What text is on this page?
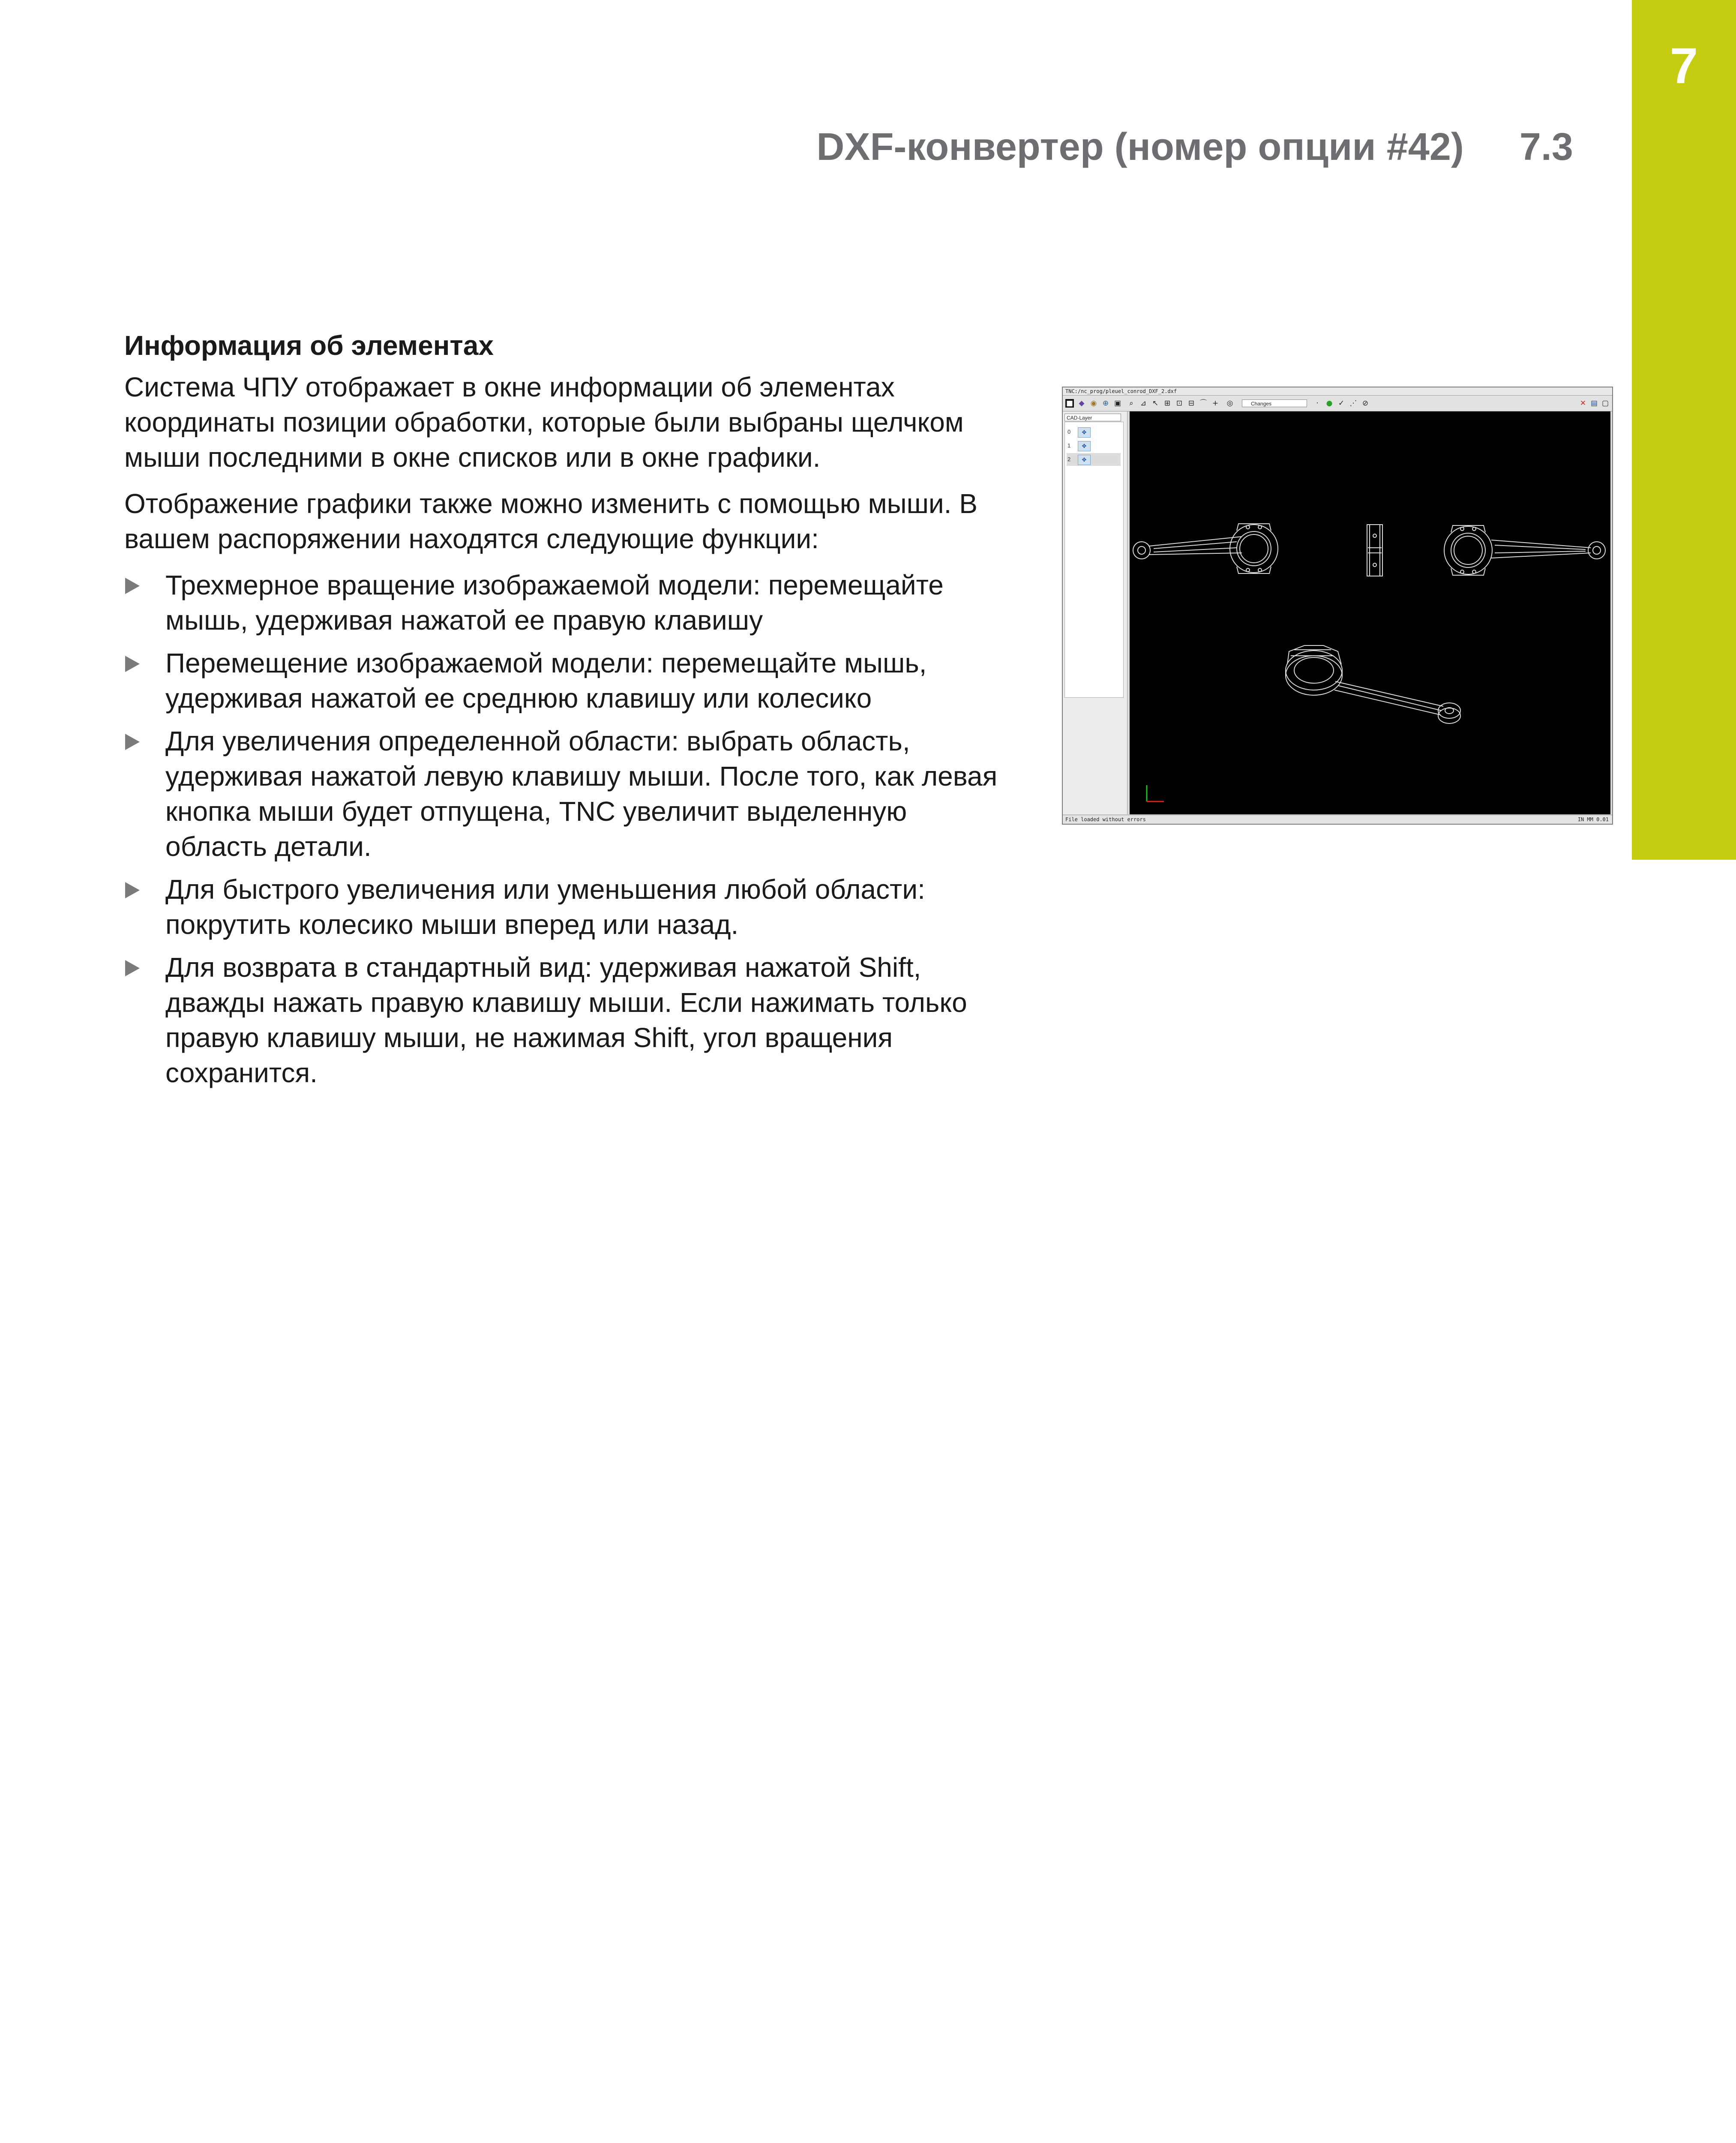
7
DXF-конвертер (номер опции #42) 7.3
Информация об элементах

Система ЧПУ отображает в окне информации об элементах координаты позиции обработки, которые были выбраны щелчком мыши последними в окне списков или в окне графики.

Отображение графики также можно изменить с помощью мыши. В вашем распоряжении находятся следующие функции:

Трехмерное вращение изображаемой модели: перемещайте мышь, удерживая нажатой ее правую клавишу
Перемещение изображаемой модели: перемещайте мышь, удерживая нажатой ее среднюю клавишу или колесико
Для увеличения определенной области: выбрать область, удерживая нажатой левую клавишу мыши. После того, как левая кнопка мыши будет отпущена, TNC увеличит выделенную область детали.
Для быстрого увеличения или уменьшения любой области: покрутить колесико мыши вперед или назад.
Для возврата в стандартный вид: удерживая нажатой Shift, дважды нажать правую клавишу мыши. Если нажимать только правую клавишу мыши, не нажимая Shift, угол вращения сохранится.
TNC:/nc_prog/pleuel_conrod_DXF_2.dxf
■ ◆ ◉ ⊕ ▣	⌕ ⊿ ↖ ⊞ ⊡ ⊟ ⌒ + ◎	Changes	·	● ✓ ⋰ ⊘	✕ ▤ ▢
CAD-Layer
0	✥
1	✥
2	✥
File loaded without errors	IN MM 0.01
